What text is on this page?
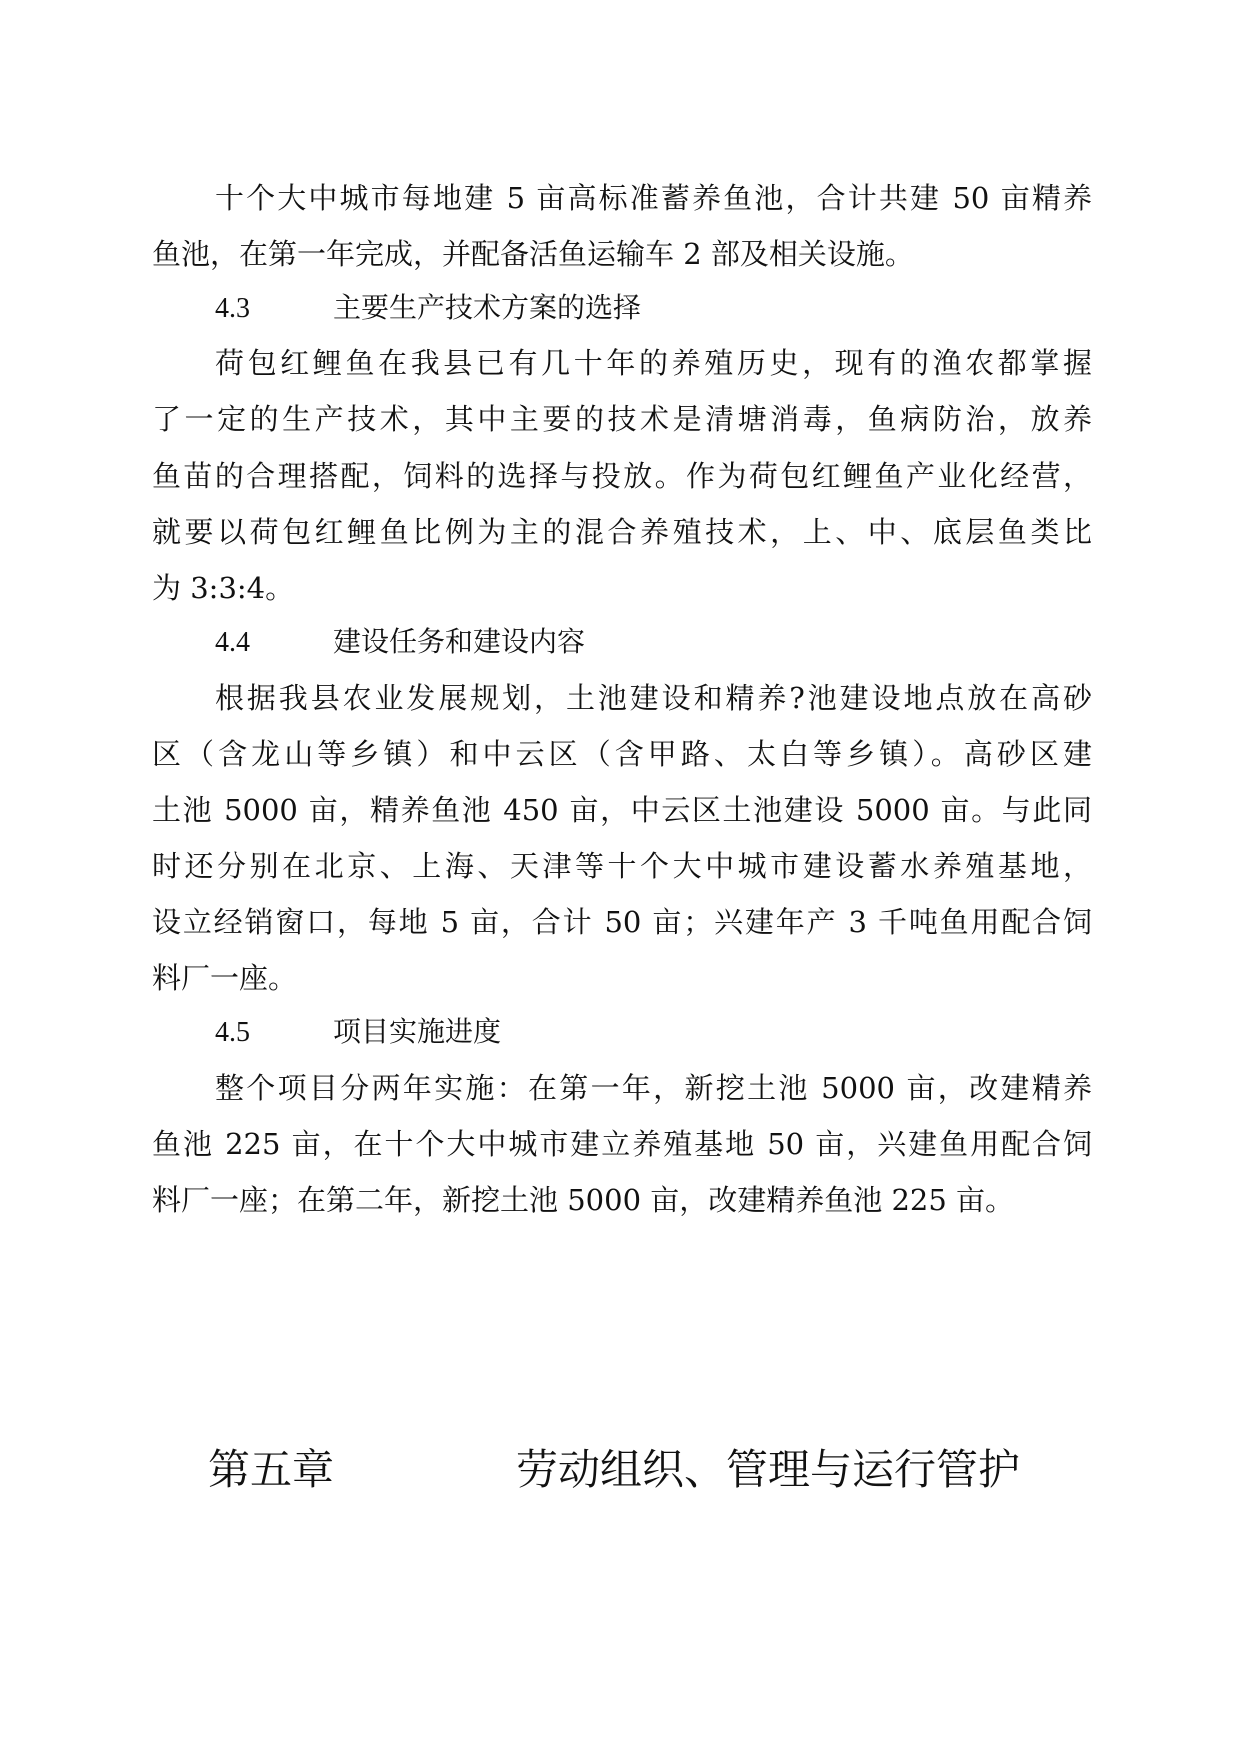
十个大中城市每地建 5 亩高标准蓄养鱼池，合计共建 50 亩精养
鱼池，在第一年完成，并配备活鱼运输车 2 部及相关设施。
4.3	主要生产技术方案的选择
荷包红鲤鱼在我县已有几十年的养殖历史，现有的渔农都掌握
了一定的生产技术，其中主要的技术是清塘消毒，鱼病防治，放养
鱼苗的合理搭配，饲料的选择与投放。作为荷包红鲤鱼产业化经营，
就要以荷包红鲤鱼比例为主的混合养殖技术，上、中、底层鱼类比
为 3:3:4。
4.4	建设任务和建设内容
根据我县农业发展规划，土池建设和精养?池建设地点放在高砂
区（含龙山等乡镇）和中云区（含甲路、太白等乡镇）。高砂区建
土池 5000 亩，精养鱼池 450 亩，中云区土池建设 5000 亩。与此同
时还分别在北京、上海、天津等十个大中城市建设蓄水养殖基地，
设立经销窗口，每地 5 亩，合计 50 亩；兴建年产 3 千吨鱼用配合饲
料厂一座。
4.5	项目实施进度
整个项目分两年实施：在第一年，新挖土池 5000 亩，改建精养
鱼池 225 亩，在十个大中城市建立养殖基地 50 亩，兴建鱼用配合饲
料厂一座；在第二年，新挖土池 5000 亩，改建精养鱼池 225 亩。
第五章	劳动组织、管理与运行管护
